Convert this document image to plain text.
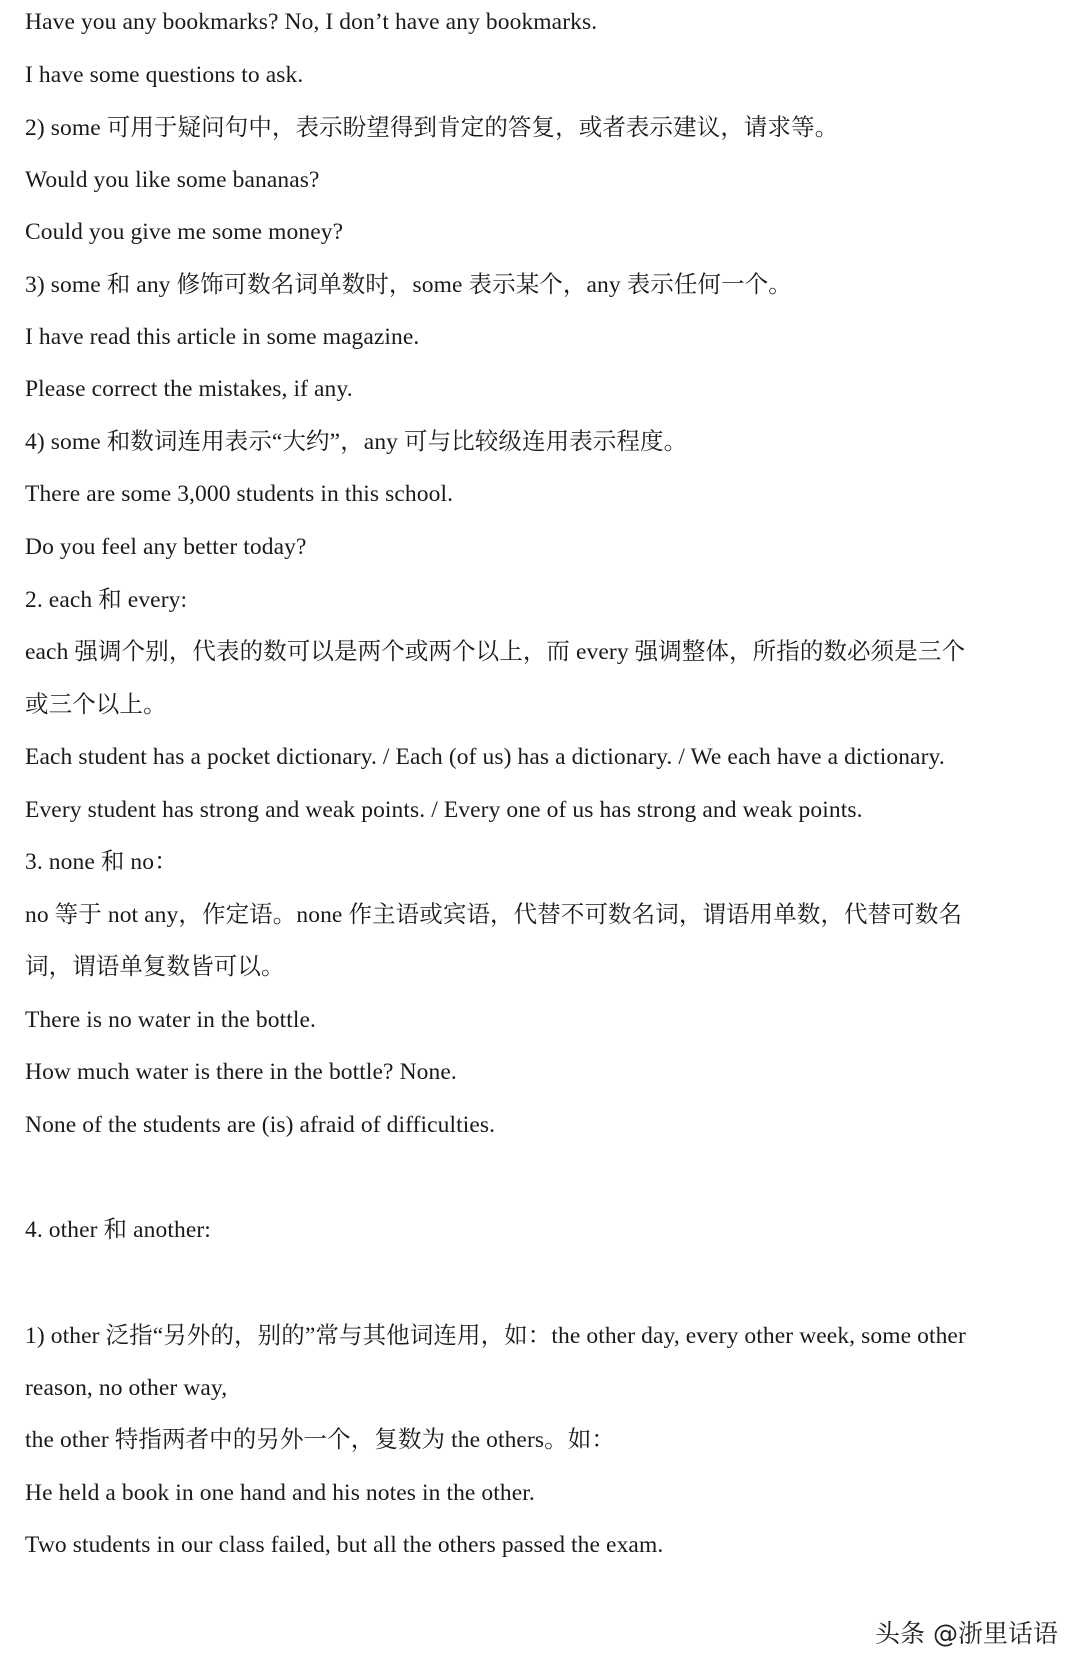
Have you any bookmarks? No, I don’t have any bookmarks.

I have some questions to ask.

2) some 可用于疑问句中，表示盼望得到肯定的答复，或者表示建议，请求等。

Would you like some bananas?

Could you give me some money?

3) some 和 any 修饰可数名词单数时，some 表示某个，any 表示任何一个。

I have read this article in some magazine.

Please correct the mistakes, if any.

4) some 和数词连用表示“大约”，any 可与比较级连用表示程度。

There are some 3,000 students in this school.

Do you feel any better today?

2. each 和 every:

each 强调个别，代表的数可以是两个或两个以上，而 every 强调整体，所指的数必须是三个

或三个以上。

Each student has a pocket dictionary. / Each (of us) has a dictionary. / We each have a dictionary.

Every student has strong and weak points. / Every one of us has strong and weak points.

3. none 和 no：

no 等于 not any，作定语。none 作主语或宾语，代替不可数名词，谓语用单数，代替可数名

词，谓语单复数皆可以。

There is no water in the bottle.

How much water is there in the bottle? None.

None of the students are (is) afraid of difficulties.

4. other 和 another:

1) other 泛指“另外的，别的”常与其他词连用，如：the other day, every other week, some other

reason, no other way,

the other 特指两者中的另外一个，复数为 the others。如：

He held a book in one hand and his notes in the other.

Two students in our class failed, but all the others passed the exam.

头条 @浙里话语
